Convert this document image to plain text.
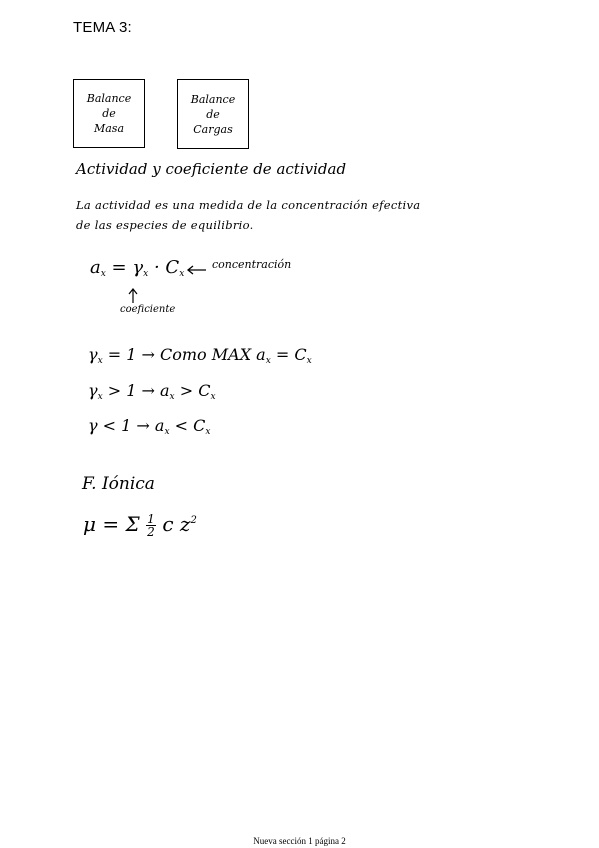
TEMA 3:
Balance
de
Masa
Balance
de
Cargas
Actividad y coeficiente de actividad
La actividad es una medida de la concentración efectiva
de las especies de equilibrio.
$a_x = \gamma_x \cdot C_x$
concentración
coeficiente
$\gamma_x = 1$ → Como MAX $a_x = C_x$
$\gamma_x > 1 \to a_x > C_x$
$\gamma < 1 \to a_x < C_x$
F. Iónica
μ = Σ $\frac{1}{2}$ c $z^2$
Nueva sección 1 página 2
